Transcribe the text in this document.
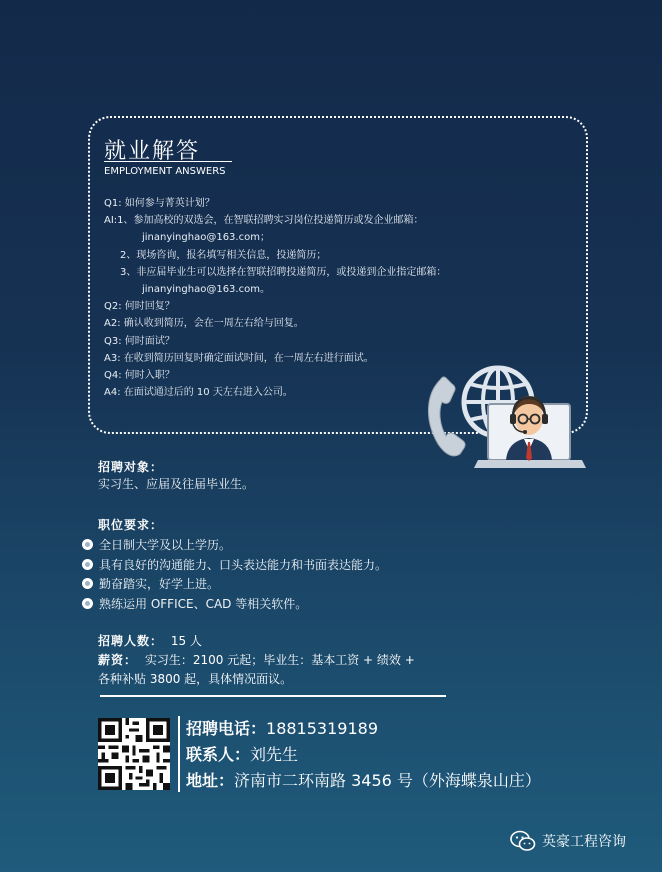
就业解答
EMPLOYMENT ANSWERS
Q1: 如何参与菁英计划？
AI:1、参加高校的双选会，在智联招聘实习岗位投递简历或发企业邮箱：
jinanyinghao@163.com；
2、现场咨询，报名填写相关信息，投递简历；
3、非应届毕业生可以选择在智联招聘投递简历，或投递到企业指定邮箱：
jinanyinghao@163.com。
Q2: 何时回复？
A2: 确认收到简历，会在一周左右给与回复。
Q3: 何时面试？
A3: 在收到简历回复时确定面试时间，在一周左右进行面试。
Q4: 何时入职？
A4: 在面试通过后的 10 天左右进入公司。
招聘对象：
实习生、应届及往届毕业生。
职位要求：
全日制大学及以上学历。
具有良好的沟通能力、口头表达能力和书面表达能力。
勤奋踏实，好学上进。
熟练运用 OFFICE、CAD 等相关软件。
招聘人数： 15 人
薪资： 实习生：2100 元起；毕业生：基本工资 + 绩效 +
各种补贴 3800 起，具体情况面议。
招聘电话：18815319189
联系人：刘先生
地址：济南市二环南路 3456 号（外海蝶泉山庄）
英豪工程咨询
